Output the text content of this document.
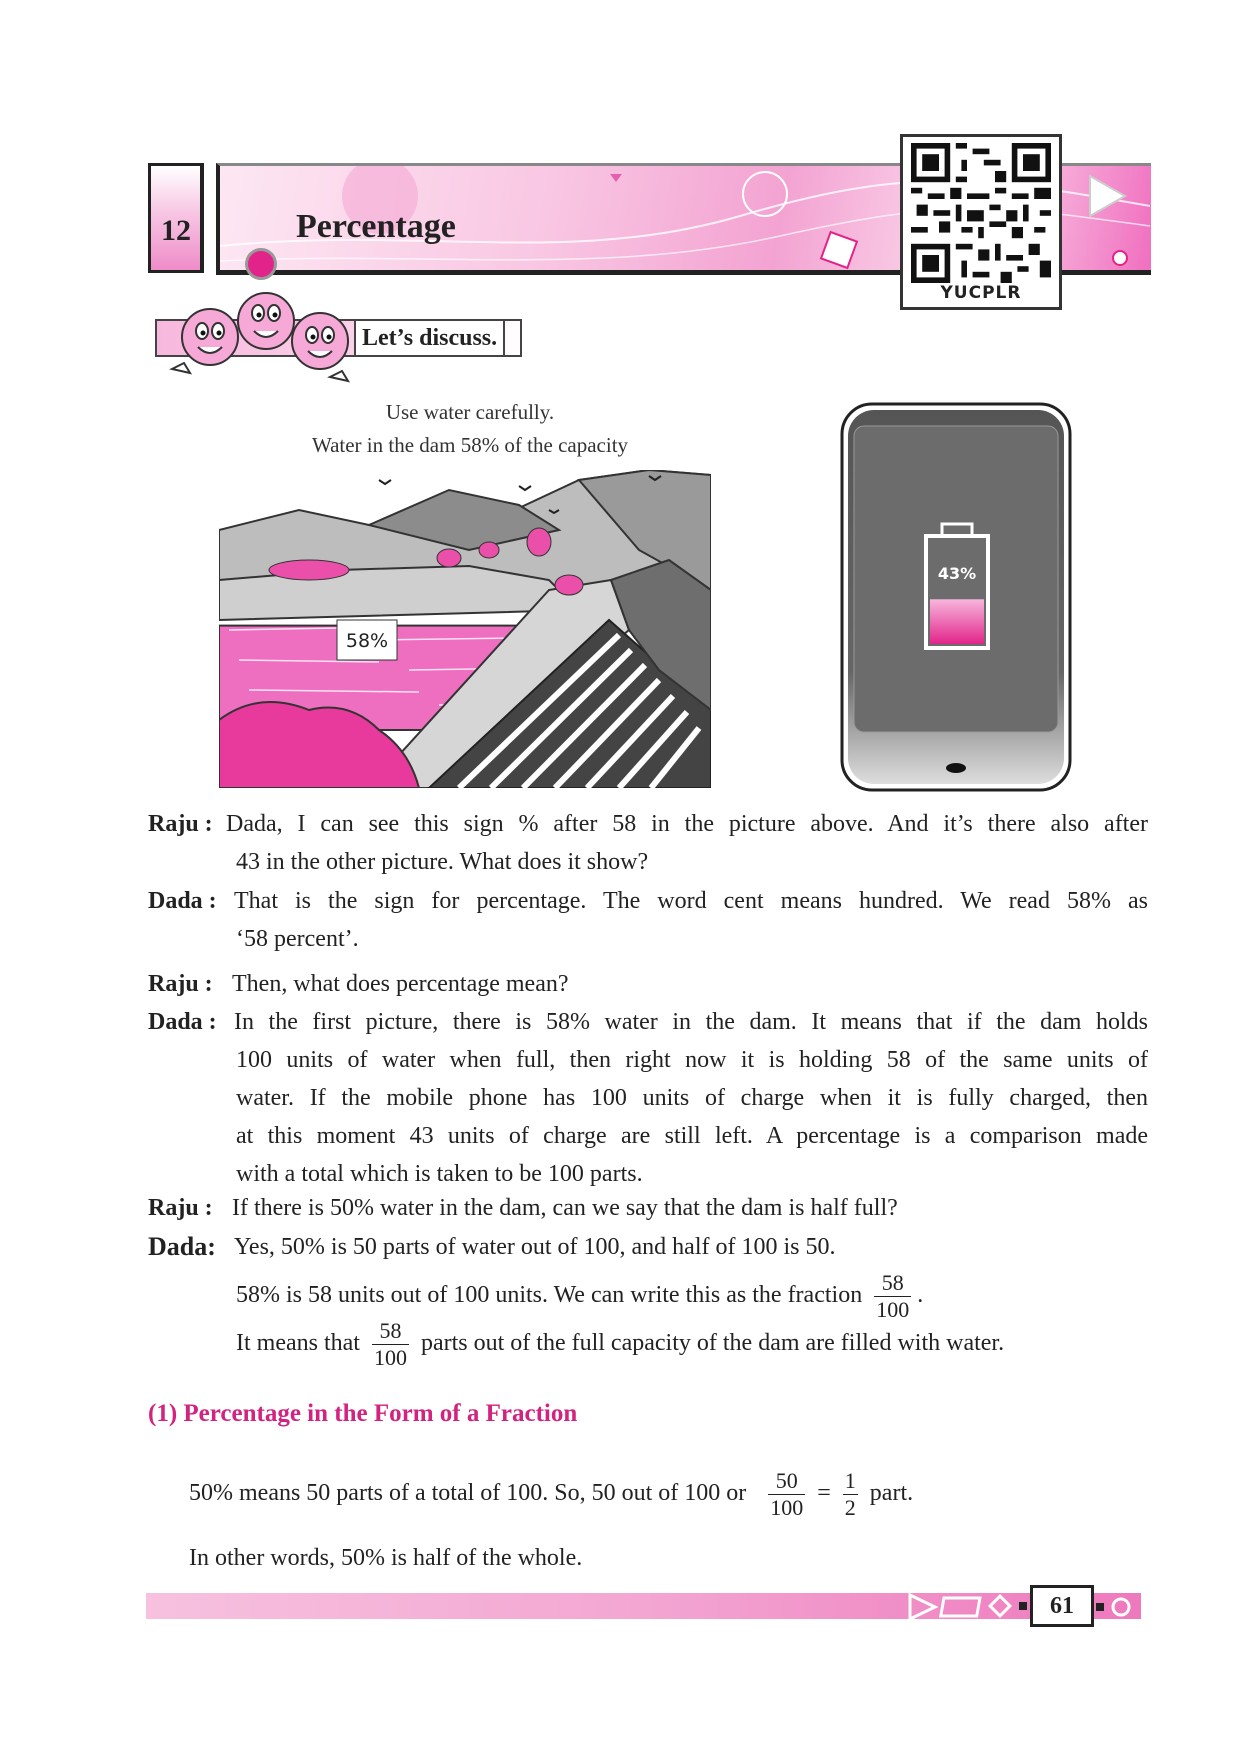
12	Percentage
YUCPLR
Let’s discuss.
Use water carefully.
Water in the dam 58% of the capacity
58%
43%
Raju : Dada, I can see this sign % after 58 in the picture above. And it’s there also after
43 in the other picture. What does it show?
Dada : That is the sign for percentage. The word cent means hundred. We read 58% as
‘58 percent’.
Raju : Then, what does percentage mean?
Dada : In the first picture, there is 58% water in the dam. It means that if the dam holds
100 units of water when full, then right now it is holding 58 of the same units of
water. If the mobile phone has 100 units of charge when it is fully charged, then
at this moment 43 units of charge are still left. A percentage is a comparison made
with a total which is taken to be 100 parts.
Raju : If there is 50% water in the dam, can we say that the dam is half full?
Dada: Yes, 50% is 50 parts of water out of 100, and half of 100 is 50.
58% is 58 units out of 100 units. We can write this as the fraction $\frac{58}{100}$ .
It means that $\frac{58}{100}$ parts out of the full capacity of the dam are filled with water.
(1) Percentage in the Form of a Fraction
50% means 50 parts of a total of 100. So, 50 out of 100 or $\frac{50}{100} = \frac{1}{2}$ part.
In other words, 50% is half of the whole.
61
